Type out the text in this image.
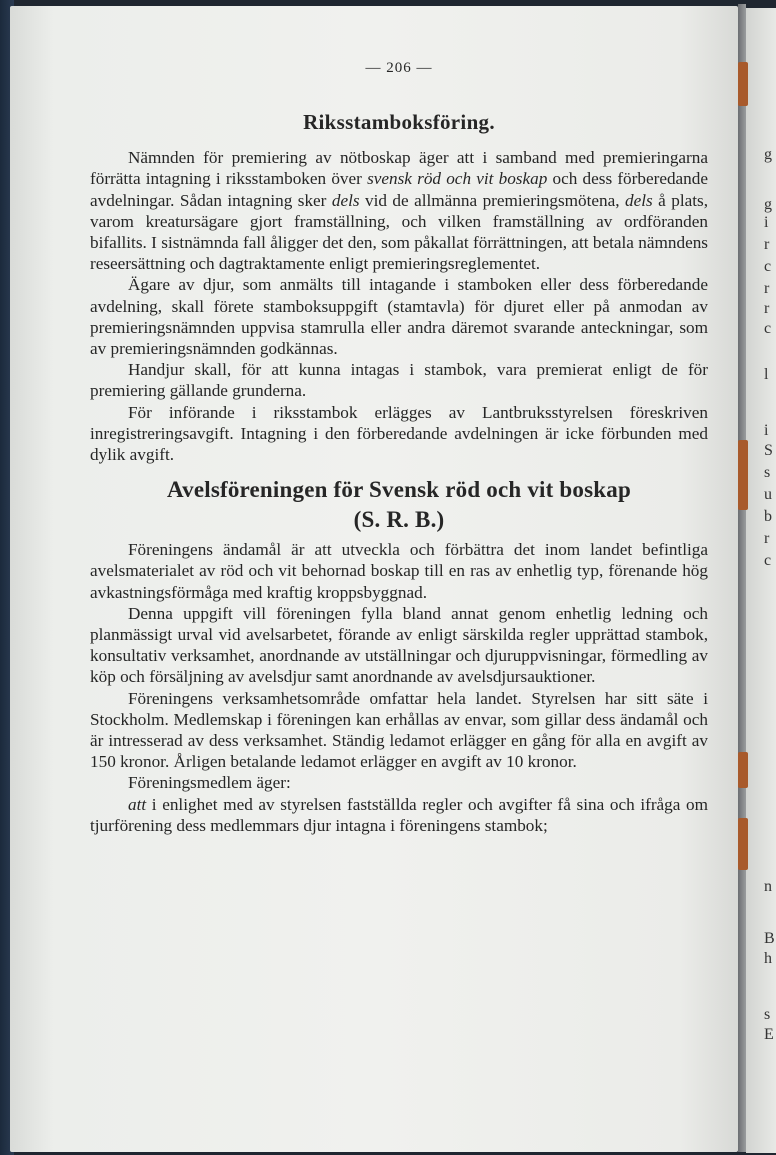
g
g
i
r
c
r
r
c
l
i
S
s
u
b
r
c
n
B
h
s
E
— 206 —
Riksstamboksföring.

Nämnden för premiering av nötboskap äger att i samband med premieringarna förrätta intagning i riksstamboken över svensk röd och vit boskap och dess förberedande avdelningar. Sådan intagning sker dels vid de allmänna premieringsmötena, dels å plats, varom kreatursägare gjort framställning, och vilken framställning av ordföranden bifallits. I sistnämnda fall åligger det den, som påkallat förrättningen, att betala nämndens reseersättning och dagtraktamente enligt premieringsreglementet.

Ägare av djur, som anmälts till intagande i stamboken eller dess förberedande avdelning, skall förete stamboksuppgift (stamtavla) för djuret eller på anmodan av premieringsnämnden uppvisa stamrulla eller andra däremot svarande anteckningar, som av premieringsnämnden godkännas.

Handjur skall, för att kunna intagas i stambok, vara premierat enligt de för premiering gällande grunderna.

För införande i riksstambok erlägges av Lantbruksstyrelsen föreskriven inregistreringsavgift. Intagning i den förberedande avdelningen är icke förbunden med dylik avgift.

Avelsföreningen för Svensk röd och vit boskap
(S. R. B.)

Föreningens ändamål är att utveckla och förbättra det inom landet befintliga avelsmaterialet av röd och vit behornad boskap till en ras av enhetlig typ, förenande hög avkastningsförmåga med kraftig kroppsbyggnad.

Denna uppgift vill föreningen fylla bland annat genom enhetlig ledning och planmässigt urval vid avelsarbetet, förande av enligt särskilda regler upprättad stambok, konsultativ verksamhet, anordnande av utställningar och djuruppvisningar, förmedling av köp och försäljning av avelsdjur samt anordnande av avelsdjursauktioner.

Föreningens verksamhetsområde omfattar hela landet. Styrelsen har sitt säte i Stockholm. Medlemskap i föreningen kan erhållas av envar, som gillar dess ändamål och är intresserad av dess verksamhet. Ständig ledamot erlägger en gång för alla en avgift av 150 kronor. Årligen betalande ledamot erlägger en avgift av 10 kronor.

Föreningsmedlem äger:

att i enlighet med av styrelsen fastställda regler och avgifter få sina och ifråga om tjurförening dess medlemmars djur intagna i föreningens stambok;
